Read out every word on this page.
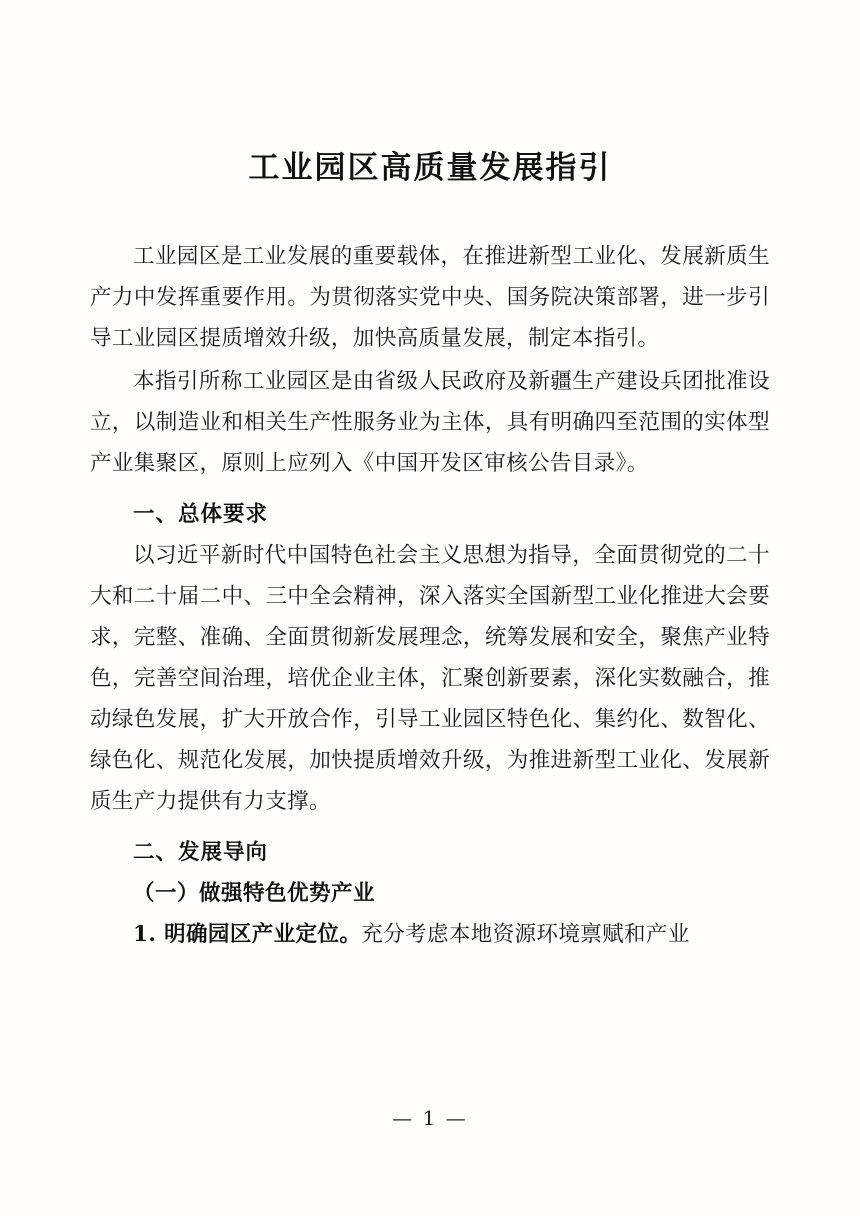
工业园区高质量发展指引

工业园区是工业发展的重要载体，在推进新型工业化、发展新质生产力中发挥重要作用。为贯彻落实党中央、国务院决策部署，进一步引导工业园区提质增效升级，加快高质量发展，制定本指引。

本指引所称工业园区是由省级人民政府及新疆生产建设兵团批准设立，以制造业和相关生产性服务业为主体，具有明确四至范围的实体型产业集聚区，原则上应列入《中国开发区审核公告目录》。

一、总体要求

以习近平新时代中国特色社会主义思想为指导，全面贯彻党的二十大和二十届二中、三中全会精神，深入落实全国新型工业化推进大会要求，完整、准确、全面贯彻新发展理念，统筹发展和安全，聚焦产业特色，完善空间治理，培优企业主体，汇聚创新要素，深化实数融合，推动绿色发展，扩大开放合作，引导工业园区特色化、集约化、数智化、绿色化、规范化发展，加快提质增效升级，为推进新型工业化、发展新质生产力提供有力支撑。

二、发展导向
（一）做强特色优势产业

1. 明确园区产业定位。充分考虑本地资源环境禀赋和产业

— 1 —
